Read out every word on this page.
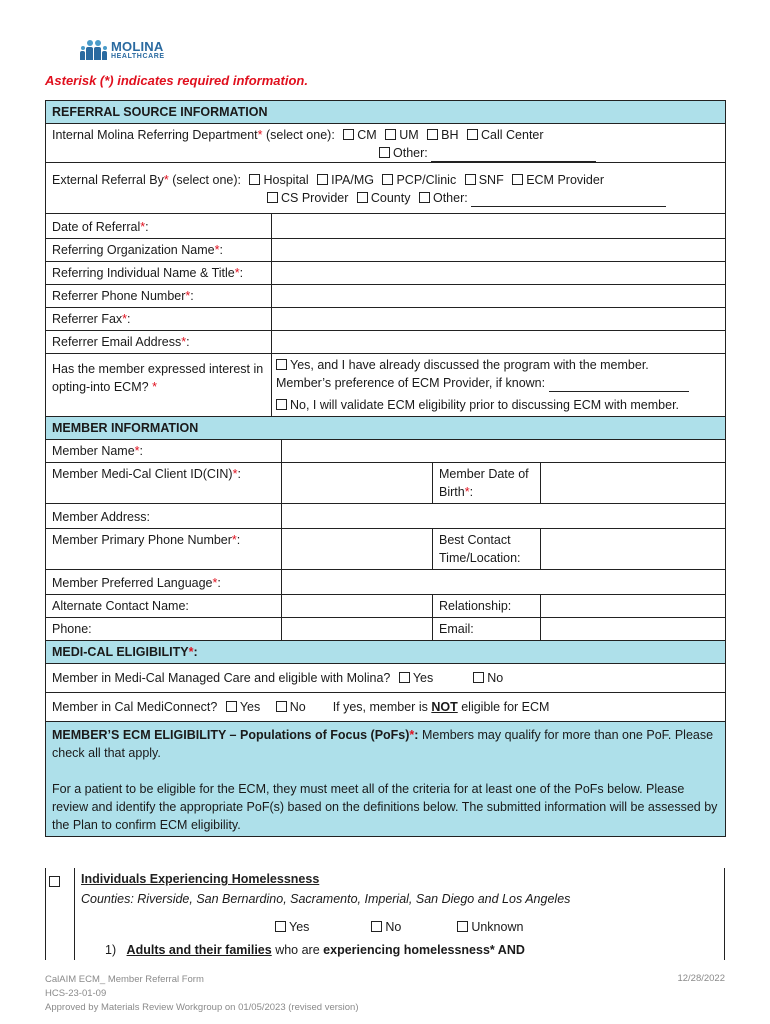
MOLINA
HEALTHCARE
Asterisk (*) indicates required information.
REFERRAL SOURCE INFORMATION				
Internal Molina Referring Department* (select one): CM UM BH Call Center
Other:				

External Referral By* (select one): Hospital IPA/MG PCP/Clinic SNF ECM Provider
CS Provider County Other:				

Date of Referral*:				
Referring Organization Name*:				
Referring Individual Name & Title*:				
Referrer Phone Number*:				
Referrer Fax*:				
Referrer Email Address*:				
Has the member expressed interest in opting-into ECM? *	Yes, and I have already discussed the program with the member.
Member’s preference of ECM Provider, if known:
No, I will validate ECM eligibility prior to discussing ECM with member.			

MEMBER INFORMATION				
Member Name*:				
Member Medi-Cal Client ID(CIN)*:			Member Date of Birth*:	
Member Address:				
Member Primary Phone Number*:			Best Contact Time/Location:	
Member Preferred Language*:				
Alternate Contact Name:			Relationship:	
Phone:			Email:	
MEDI-CAL ELIGIBILITY*:				
Member in Medi-Cal Managed Care and eligible with Molina? Yes No				
Member in Cal MediConnect? Yes No If yes, member is NOT eligible for ECM				
MEMBER’S ECM ELIGIBILITY – Populations of Focus (PoFs)*: Members may qualify for more than one PoF. Please check all that apply.
For a patient to be eligible for the ECM, they must meet all of the criteria for at least one of the PoFs below. Please review and identify the appropriate PoF(s) based on the definitions below. The submitted information will be assessed by the Plan to confirm ECM eligibility.				

Individuals Experiencing Homelessness
Counties: Riverside, San Bernardino, Sacramento, Imperial, San Diego and Los Angeles
Yes	No	Unknown
1) Adults and their families who are experiencing homelessness* AND
CalAIM ECM_ Member Referral Form
HCS-23-01-09
Approved by Materials Review Workgroup on 01/05/2023 (revised version)
12/28/2022
